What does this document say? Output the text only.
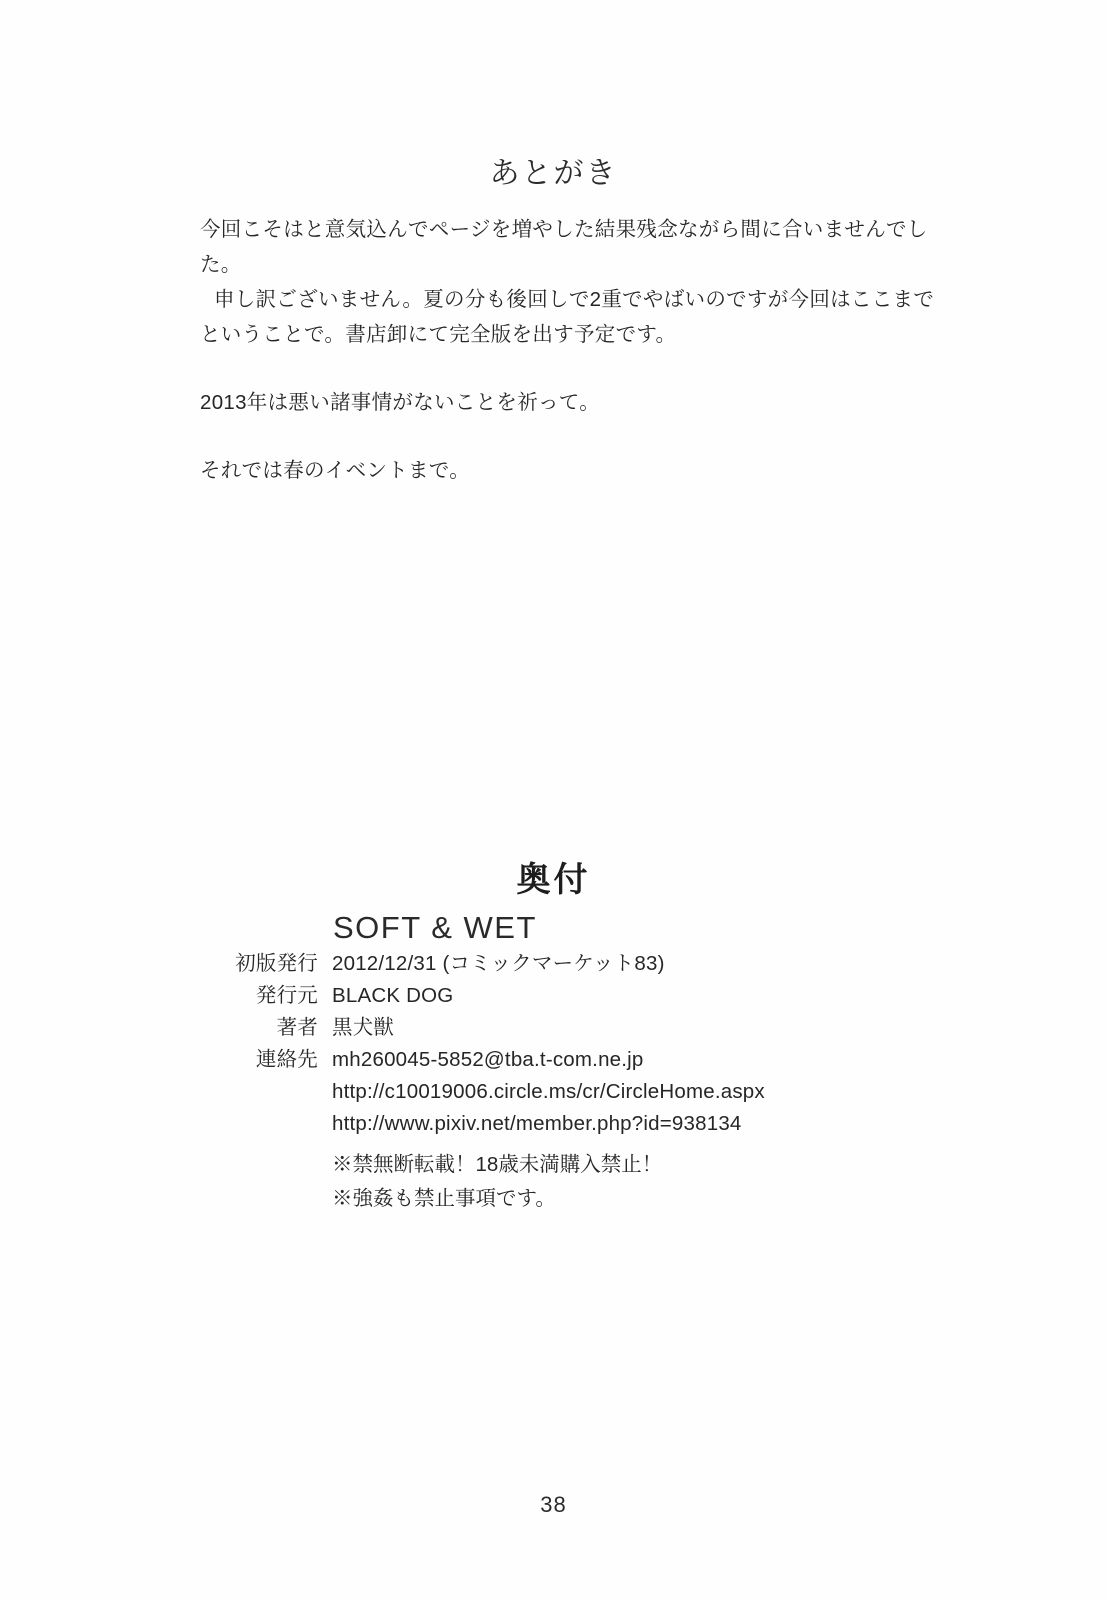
あとがき

今回こそはと意気込んでページを増やした結果残念ながら間に合いませんでした。

申し訳ございません。夏の分も後回しで2重でやばいのですが今回はここまで

ということで。書店卸にて完全版を出す予定です。

2013年は悪い諸事情がないことを祈って。

それでは春のイベントまで。

奥付
SOFT & WET
初版発行 2012/12/31 (コミックマーケット83)
発行元 BLACK DOG
著者 黒犬獣
連絡先 mh260045-5852@tba.t-com.ne.jp
http://c10019006.circle.ms/cr/CircleHome.aspx
http://www.pixiv.net/member.php?id=938134
※禁無断転載！18歳未満購入禁止！
※強姦も禁止事項です。
38
